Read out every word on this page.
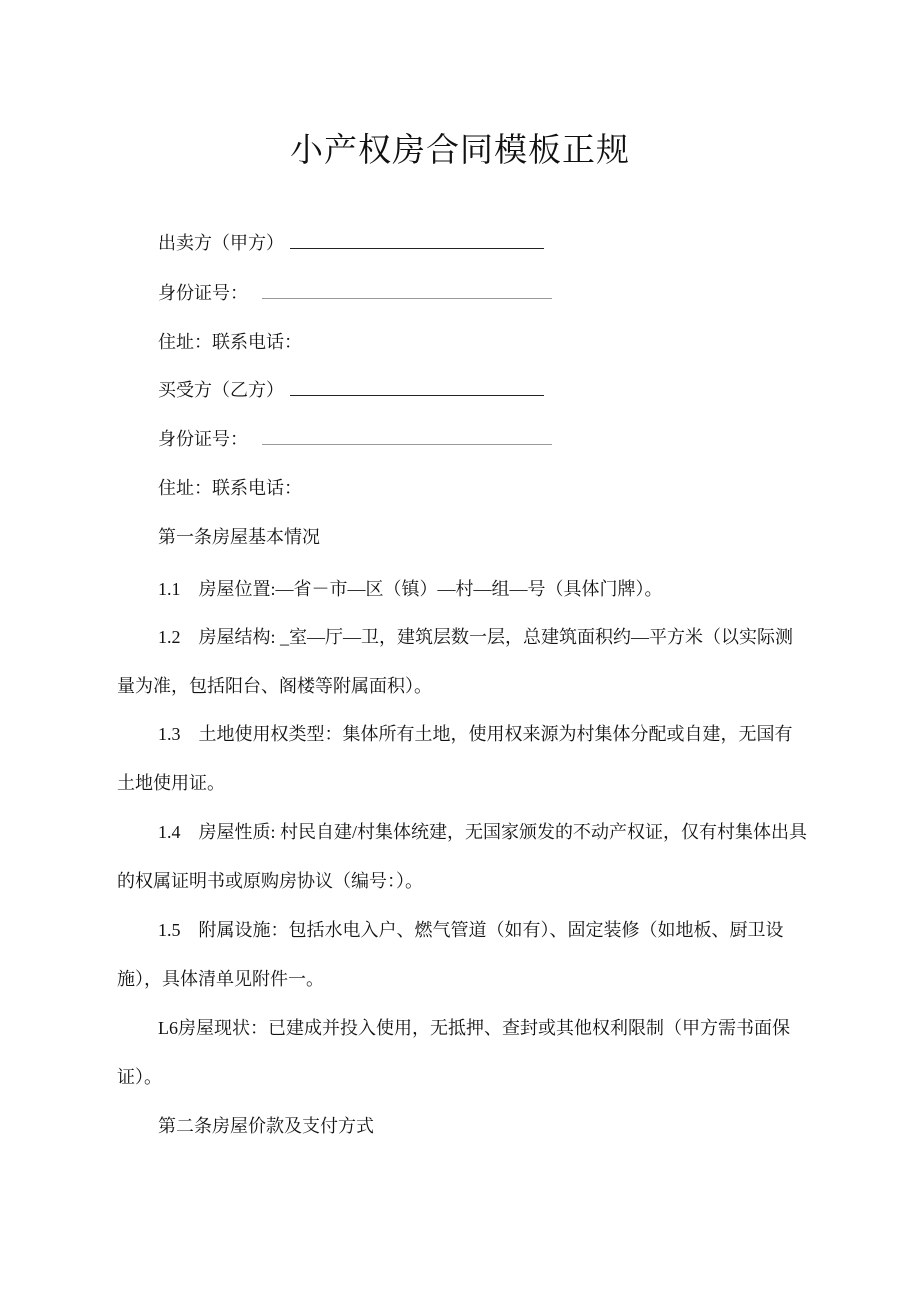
小产权房合同模板正规
出卖方（甲方）
身份证号：
住址：联系电话：
买受方（乙方）
身份证号：
住址：联系电话：
第一条房屋基本情况
1.1　房屋位置:—省－市—区（镇）—村—组—号（具体门牌）。
1.2　房屋结构: _室—厅—卫，建筑层数一层，总建筑面积约—平方米（以实际测量为准，包括阳台、阁楼等附属面积）。
1.3　土地使用权类型：集体所有土地，使用权来源为村集体分配或自建，无国有土地使用证。
1.4　房屋性质: 村民自建/村集体统建，无国家颁发的不动产权证，仅有村集体出具的权属证明书或原购房协议（编号：）。
1.5　附属设施：包括水电入户、燃气管道（如有）、固定装修（如地板、厨卫设施），具体清单见附件一。
L6房屋现状：已建成并投入使用，无抵押、查封或其他权利限制（甲方需书面保证）。
第二条房屋价款及支付方式
